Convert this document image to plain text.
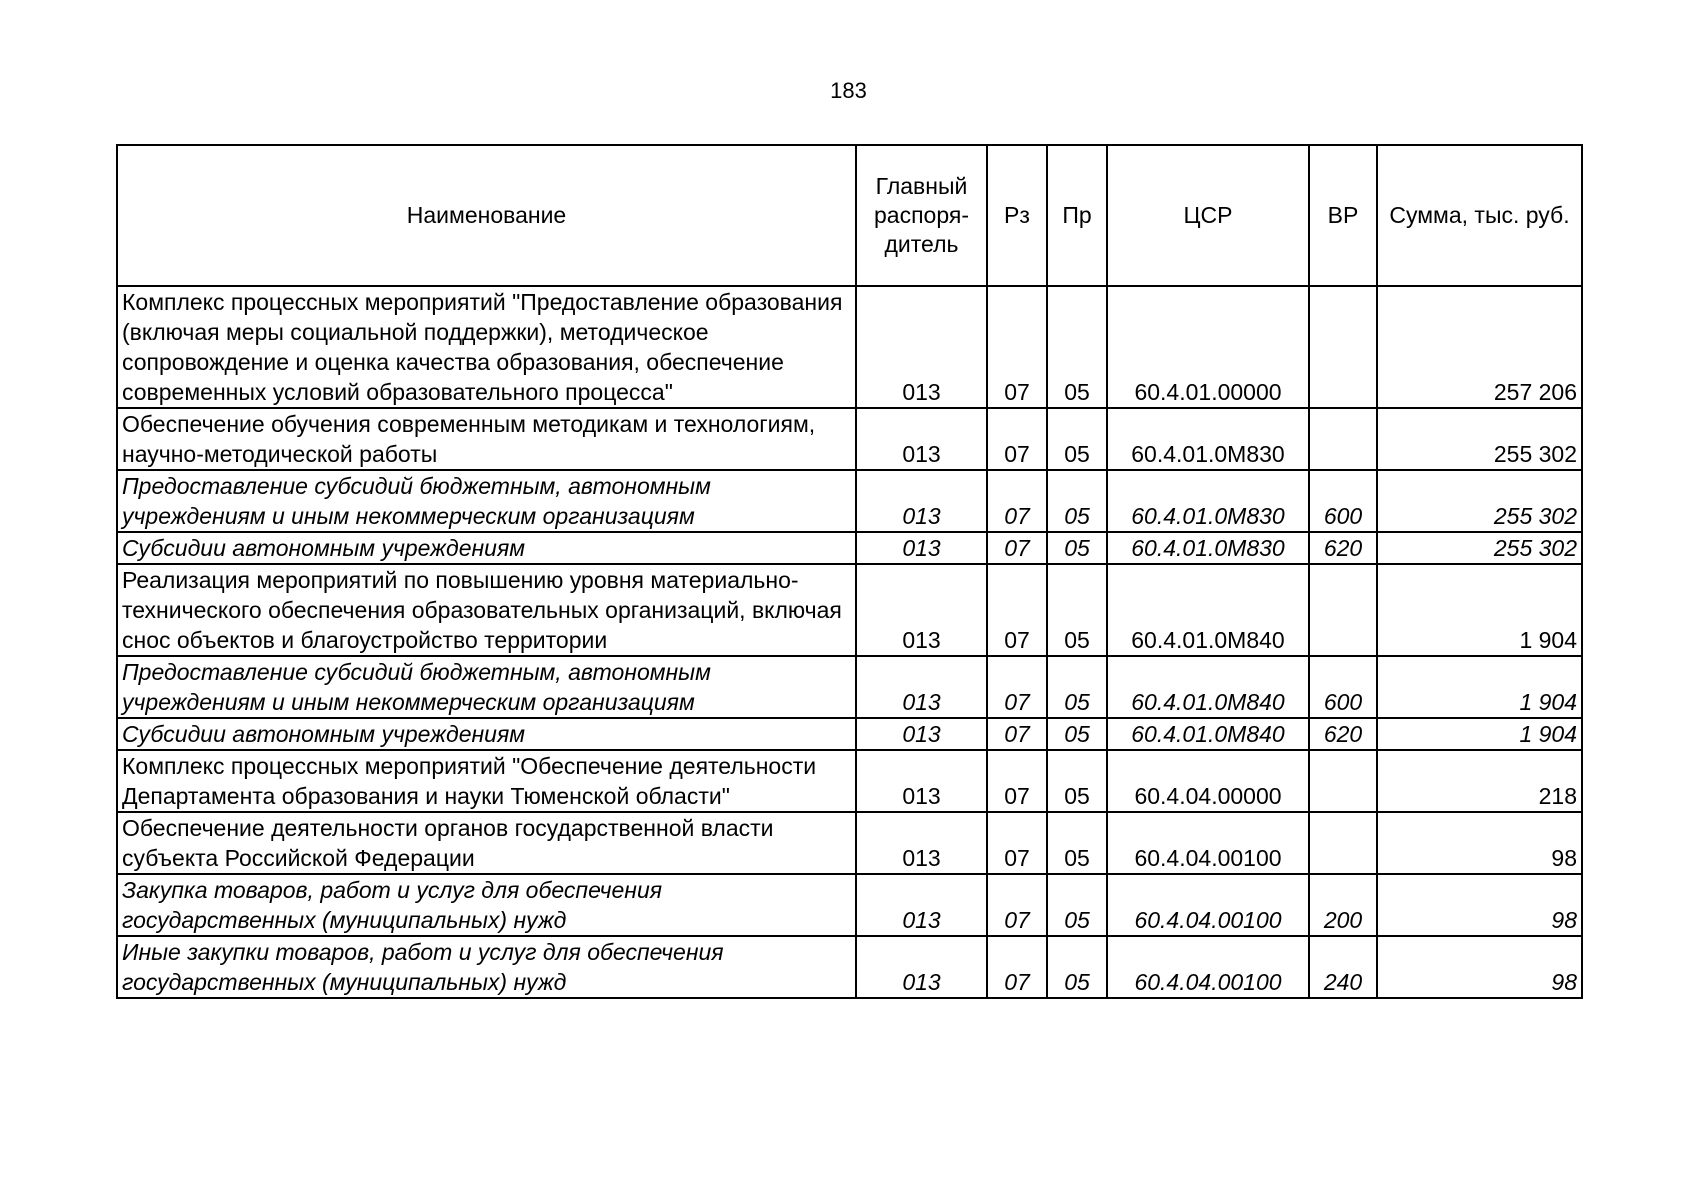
183
Наименование	Главный распоря-дитель	Рз	Пр	ЦСР	ВР	Сумма, тыс. руб.
Комплекс процессных мероприятий "Предоставление образования (включая меры социальной поддержки), методическое сопровождение и оценка качества образования, обеспечение современных условий образовательного процесса"	013	07	05	60.4.01.00000		257 206
Обеспечение обучения современным методикам и технологиям, научно-методической работы	013	07	05	60.4.01.0М830		255 302
Предоставление субсидий бюджетным, автономным учреждениям и иным некоммерческим организациям	013	07	05	60.4.01.0М830	600	255 302
Субсидии автономным учреждениям	013	07	05	60.4.01.0М830	620	255 302
Реализация мероприятий по повышению уровня материально-технического обеспечения образовательных организаций, включая снос объектов и благоустройство территории	013	07	05	60.4.01.0М840		1 904
Предоставление субсидий бюджетным, автономным учреждениям и иным некоммерческим организациям	013	07	05	60.4.01.0М840	600	1 904
Субсидии автономным учреждениям	013	07	05	60.4.01.0М840	620	1 904
Комплекс процессных мероприятий "Обеспечение деятельности Департамента образования и науки Тюменской области"	013	07	05	60.4.04.00000		218
Обеспечение деятельности органов государственной власти субъекта Российской Федерации	013	07	05	60.4.04.00100		98
Закупка товаров, работ и услуг для обеспечения государственных (муниципальных) нужд	013	07	05	60.4.04.00100	200	98
Иные закупки товаров, работ и услуг для обеспечения государственных (муниципальных) нужд	013	07	05	60.4.04.00100	240	98
